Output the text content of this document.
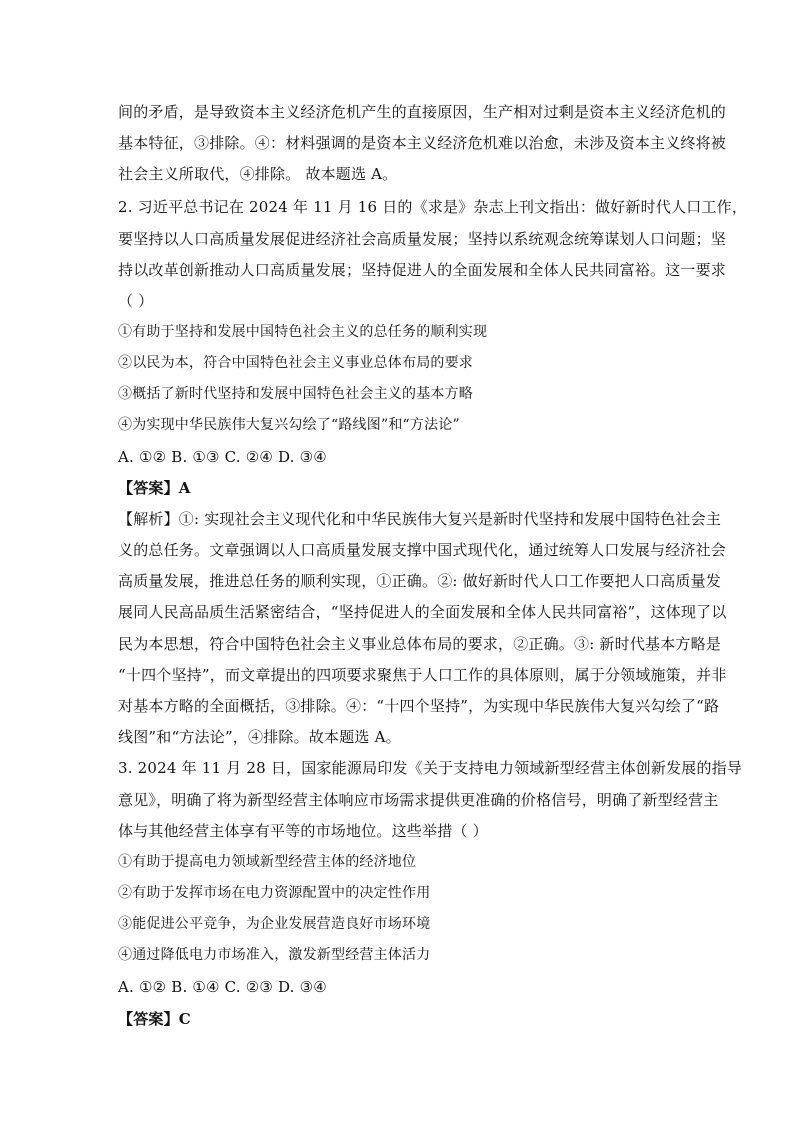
间的矛盾，是导致资本主义经济危机产生的直接原因，生产相对过剩是资本主义经济危机的
基本特征，③排除。④：材料强调的是资本主义经济危机难以治愈，未涉及资本主义终将被
社会主义所取代，④排除。 故本题选 A。
2. 习近平总书记在 2024 年 11 月 16 日的《求是》杂志上刊文指出：做好新时代人口工作，
要坚持以人口高质量发展促进经济社会高质量发展；坚持以系统观念统筹谋划人口问题；坚
持以改革创新推动人口高质量发展；坚持促进人的全面发展和全体人民共同富裕。这一要求
（ ）
①有助于坚持和发展中国特色社会主义的总任务的顺利实现
②以民为本，符合中国特色社会主义事业总体布局的要求
③概括了新时代坚持和发展中国特色社会主义的基本方略
④为实现中华民族伟大复兴勾绘了“路线图”和“方法论”
A. ①② B. ①③ C. ②④ D. ③④
【答案】A
【解析】①: 实现社会主义现代化和中华民族伟大复兴是新时代坚持和发展中国特色社会主
义的总任务。文章强调以人口高质量发展支撑中国式现代化，通过统筹人口发展与经济社会
高质量发展，推进总任务的顺利实现，①正确。②: 做好新时代人口工作要把人口高质量发
展同人民高品质生活紧密结合，“坚持促进人的全面发展和全体人民共同富裕”，这体现了以
民为本思想，符合中国特色社会主义事业总体布局的要求，②正确。③: 新时代基本方略是
“十四个坚持”，而文章提出的四项要求聚焦于人口工作的具体原则，属于分领域施策，并非
对基本方略的全面概括，③排除。④：“十四个坚持”，为实现中华民族伟大复兴勾绘了“路
线图”和“方法论”，④排除。故本题选 A。
3. 2024 年 11 月 28 日，国家能源局印发《关于支持电力领域新型经营主体创新发展的指导
意见》，明确了将为新型经营主体响应市场需求提供更准确的价格信号，明确了新型经营主
体与其他经营主体享有平等的市场地位。这些举措（ ）
①有助于提高电力领域新型经营主体的经济地位
②有助于发挥市场在电力资源配置中的决定性作用
③能促进公平竞争，为企业发展营造良好市场环境
④通过降低电力市场准入，激发新型经营主体活力
A. ①② B. ①④ C. ②③ D. ③④
【答案】C
